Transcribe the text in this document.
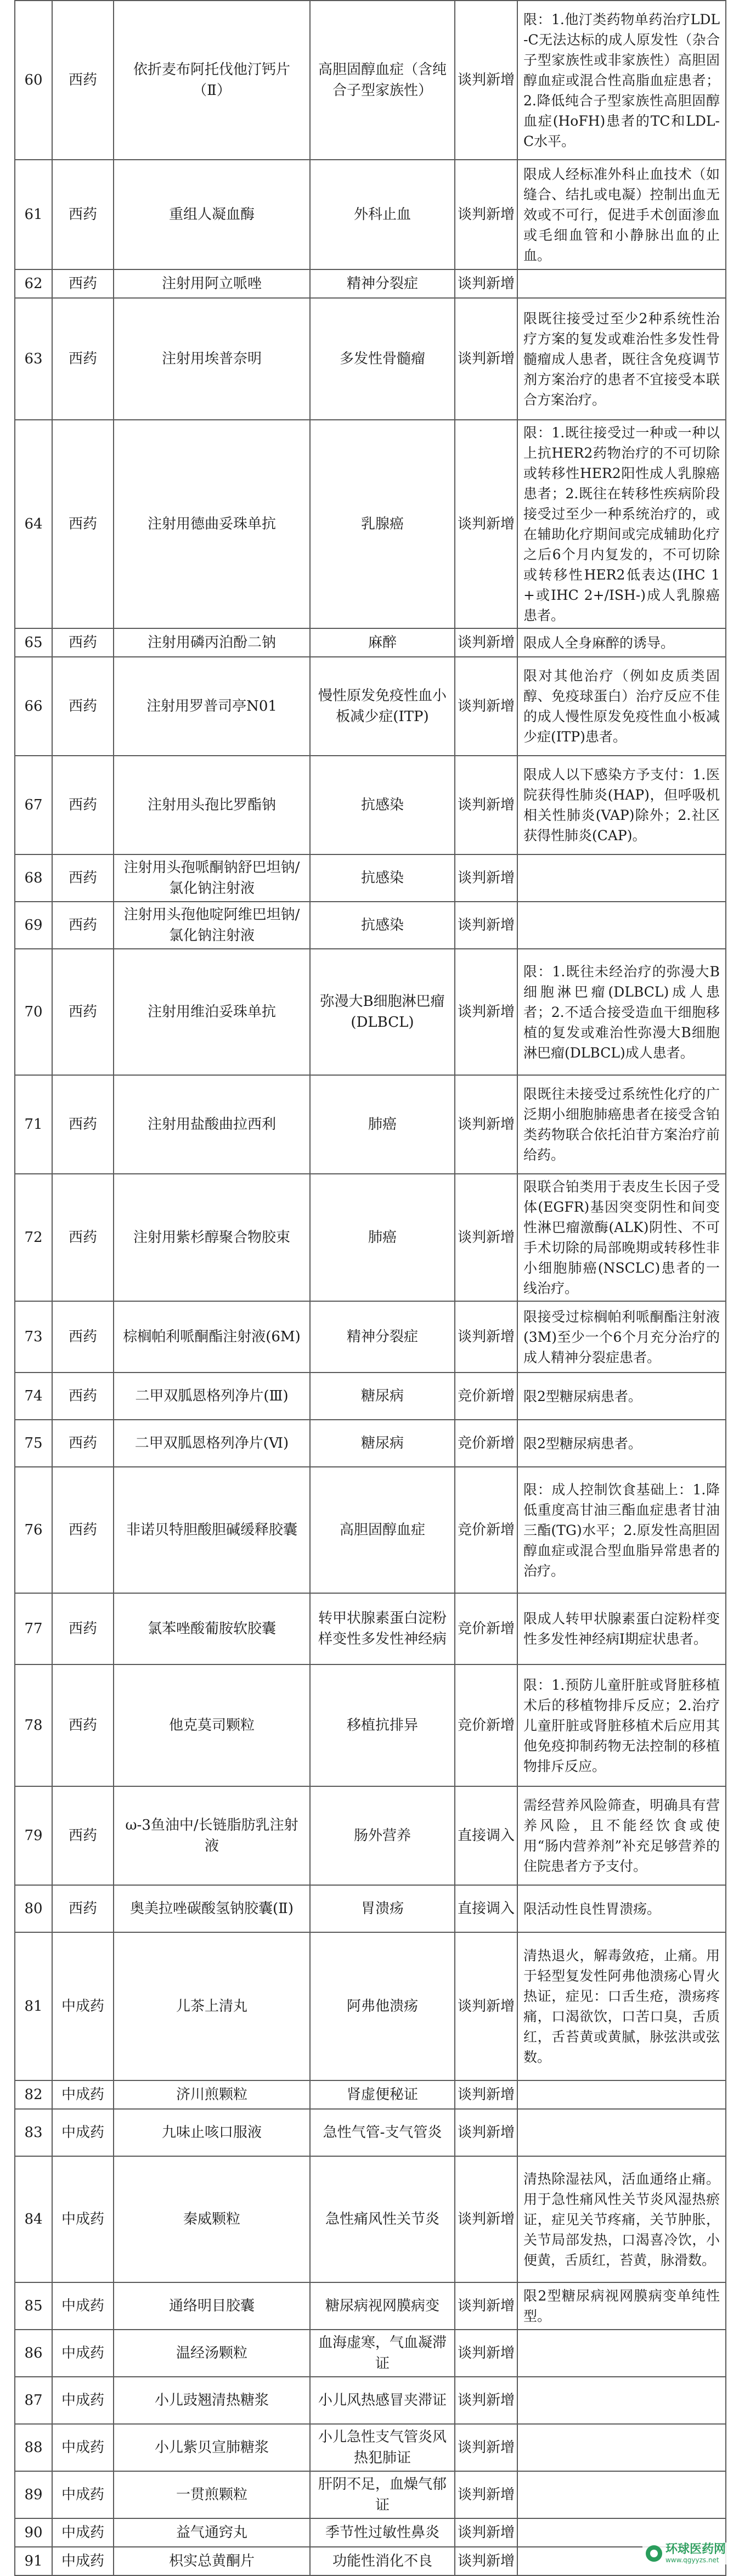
60	西药	依折麦布阿托伐他汀钙片（Ⅱ）	高胆固醇血症（含纯合子型家族性）	谈判新增	限：1.他汀类药物单药治疗LDL-C无法达标的成人原发性（杂合子型家族性或非家族性）高胆固醇血症或混合性高脂血症患者；2.降低纯合子型家族性高胆固醇血症(HoFH)患者的TC和LDL-C水平。
61	西药	重组人凝血酶	外科止血	谈判新增	限成人经标准外科止血技术（如缝合、结扎或电凝）控制出血无效或不可行，促进手术创面渗血或毛细血管和小静脉出血的止血。
62	西药	注射用阿立哌唑	精神分裂症	谈判新增	
63	西药	注射用埃普奈明	多发性骨髓瘤	谈判新增	限既往接受过至少2种系统性治疗方案的复发或难治性多发性骨髓瘤成人患者，既往含免疫调节剂方案治疗的患者不宜接受本联合方案治疗。
64	西药	注射用德曲妥珠单抗	乳腺癌	谈判新增	限：1.既往接受过一种或一种以上抗HER2药物治疗的不可切除或转移性HER2阳性成人乳腺癌患者；2.既往在转移性疾病阶段接受过至少一种系统治疗的，或在辅助化疗期间或完成辅助化疗之后6个月内复发的，不可切除或转移性HER2低表达(IHC 1+或IHC 2+/ISH-)成人乳腺癌患者。
65	西药	注射用磷丙泊酚二钠	麻醉	谈判新增	限成人全身麻醉的诱导。
66	西药	注射用罗普司亭N01	慢性原发免疫性血小板减少症(ITP)	谈判新增	限对其他治疗（例如皮质类固醇、免疫球蛋白）治疗反应不佳的成人慢性原发免疫性血小板减少症(ITP)患者。
67	西药	注射用头孢比罗酯钠	抗感染	谈判新增	限成人以下感染方予支付：1.医院获得性肺炎(HAP)，但呼吸机相关性肺炎(VAP)除外；2.社区获得性肺炎(CAP)。
68	西药	注射用头孢哌酮钠舒巴坦钠/氯化钠注射液	抗感染	谈判新增	
69	西药	注射用头孢他啶阿维巴坦钠/氯化钠注射液	抗感染	谈判新增	
70	西药	注射用维泊妥珠单抗	弥漫大B细胞淋巴瘤(DLBCL)	谈判新增	限：1.既往未经治疗的弥漫大B细胞淋巴瘤(DLBCL)成人患者；2.不适合接受造血干细胞移植的复发或难治性弥漫大B细胞淋巴瘤(DLBCL)成人患者。
71	西药	注射用盐酸曲拉西利	肺癌	谈判新增	限既往未接受过系统性化疗的广泛期小细胞肺癌患者在接受含铂类药物联合依托泊苷方案治疗前给药。
72	西药	注射用紫杉醇聚合物胶束	肺癌	谈判新增	限联合铂类用于表皮生长因子受体(EGFR)基因突变阴性和间变性淋巴瘤激酶(ALK)阴性、不可手术切除的局部晚期或转移性非小细胞肺癌(NSCLC)患者的一线治疗。
73	西药	棕榈帕利哌酮酯注射液(6M)	精神分裂症	谈判新增	限接受过棕榈帕利哌酮酯注射液(3M)至少一个6个月充分治疗的成人精神分裂症患者。
74	西药	二甲双胍恩格列净片(Ⅲ)	糖尿病	竞价新增	限2型糖尿病患者。
75	西药	二甲双胍恩格列净片(Ⅵ)	糖尿病	竞价新增	限2型糖尿病患者。
76	西药	非诺贝特胆酸胆碱缓释胶囊	高胆固醇血症	竞价新增	限：成人控制饮食基础上：1.降低重度高甘油三酯血症患者甘油三酯(TG)水平；2.原发性高胆固醇血症或混合型血脂异常患者的治疗。
77	西药	氯苯唑酸葡胺软胶囊	转甲状腺素蛋白淀粉样变性多发性神经病	竞价新增	限成人转甲状腺素蛋白淀粉样变性多发性神经病Ⅰ期症状患者。
78	西药	他克莫司颗粒	移植抗排异	竞价新增	限：1.预防儿童肝脏或肾脏移植术后的移植物排斥反应；2.治疗儿童肝脏或肾脏移植术后应用其他免疫抑制药物无法控制的移植物排斥反应。
79	西药	ω-3鱼油中/长链脂肪乳注射液	肠外营养	直接调入	需经营养风险筛查，明确具有营养风险，且不能经饮食或使用“肠内营养剂”补充足够营养的住院患者方予支付。
80	西药	奥美拉唑碳酸氢钠胶囊(Ⅱ)	胃溃疡	直接调入	限活动性良性胃溃疡。
81	中成药	儿茶上清丸	阿弗他溃疡	谈判新增	清热退火，解毒敛疮，止痛。用于轻型复发性阿弗他溃疡心胃火热证，症见：口舌生疮，溃疡疼痛，口渴欲饮，口苦口臭，舌质红，舌苔黄或黄腻，脉弦洪或弦数。
82	中成药	济川煎颗粒	肾虚便秘证	谈判新增	
83	中成药	九味止咳口服液	急性气管-支气管炎	谈判新增	
84	中成药	秦威颗粒	急性痛风性关节炎	谈判新增	清热除湿祛风，活血通络止痛。用于急性痛风性关节炎风湿热瘀证，症见关节疼痛，关节肿胀，关节局部发热，口渴喜冷饮，小便黄，舌质红，苔黄，脉滑数。
85	中成药	通络明目胶囊	糖尿病视网膜病变	谈判新增	限2型糖尿病视网膜病变单纯性型。
86	中成药	温经汤颗粒	血海虚寒，气血凝滞证	谈判新增	
87	中成药	小儿豉翘清热糖浆	小儿风热感冒夹滞证	谈判新增	
88	中成药	小儿紫贝宣肺糖浆	小儿急性支气管炎风热犯肺证	谈判新增	
89	中成药	一贯煎颗粒	肝阴不足，血燥气郁证	谈判新增	
90	中成药	益气通窍丸	季节性过敏性鼻炎	谈判新增	
91	中成药	枳实总黄酮片	功能性消化不良	谈判新增		环球医药网
www.qgyyzs.net
